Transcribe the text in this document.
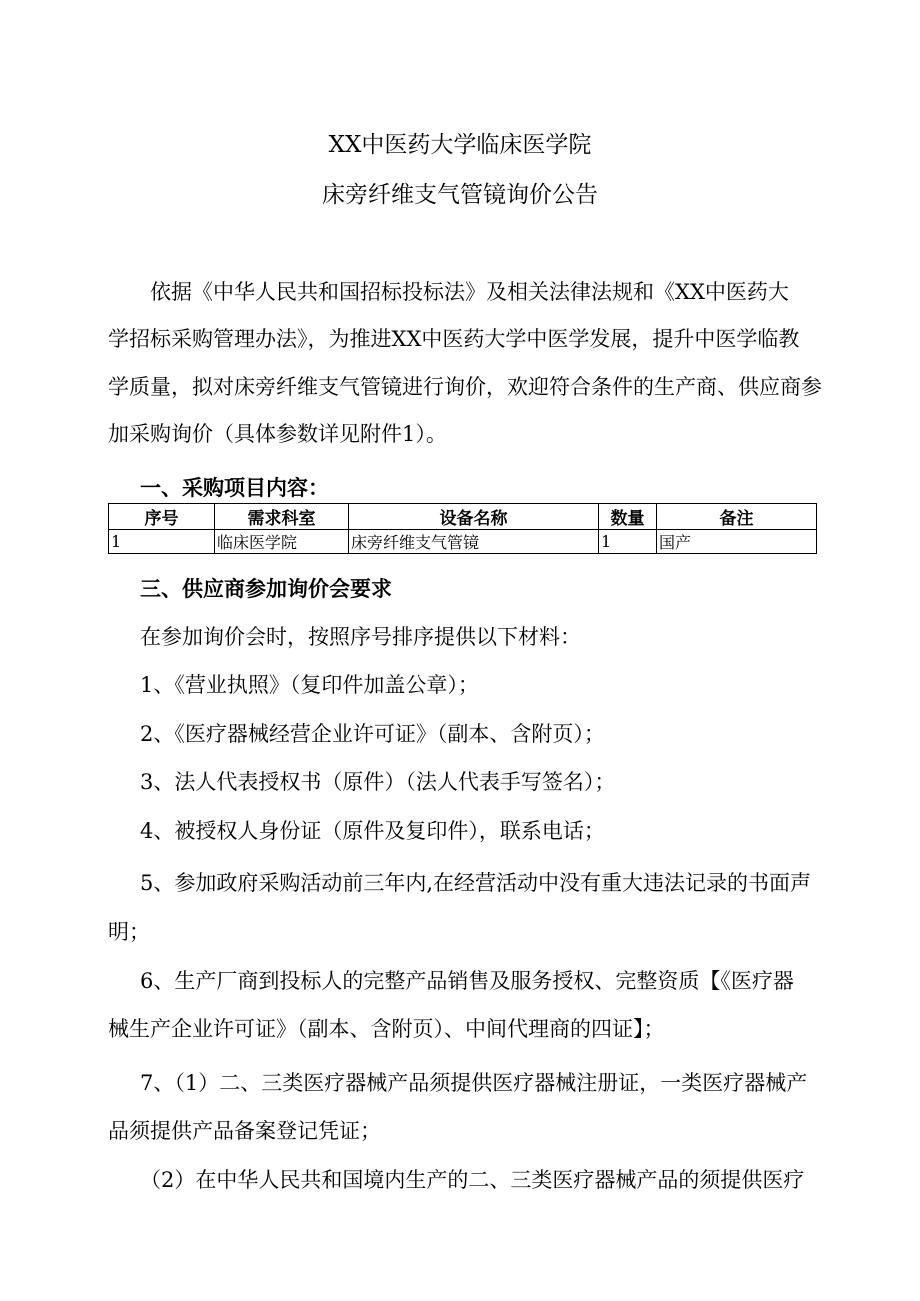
XX中医药大学临床医学院
床旁纤维支气管镜询价公告
依据《中华人民共和国招标投标法》及相关法律法规和《XX中医药大
学招标采购管理办法》，为推进XX中医药大学中医学发展，提升中医学临教
学质量，拟对床旁纤维支气管镜进行询价，欢迎符合条件的生产商、供应商参
加采购询价（具体参数详见附件1）。
一、采购项目内容：
序号	需求科室	设备名称	数量	备注
1	临床医学院	床旁纤维支气管镜	1	国产
三、供应商参加询价会要求
在参加询价会时，按照序号排序提供以下材料：
1、《营业执照》（复印件加盖公章）；
2、《医疗器械经营企业许可证》（副本、含附页）；
3、法人代表授权书（原件）（法人代表手写签名）；
4、被授权人身份证（原件及复印件），联系电话；
5、参加政府采购活动前三年内,在经营活动中没有重大违法记录的书面声
明；
6、生产厂商到投标人的完整产品销售及服务授权、完整资质【《医疗器
械生产企业许可证》（副本、含附页）、中间代理商的四证】；
7、（1）二、三类医疗器械产品须提供医疗器械注册证，一类医疗器械产
品须提供产品备案登记凭证；
（2）在中华人民共和国境内生产的二、三类医疗器械产品的须提供医疗
